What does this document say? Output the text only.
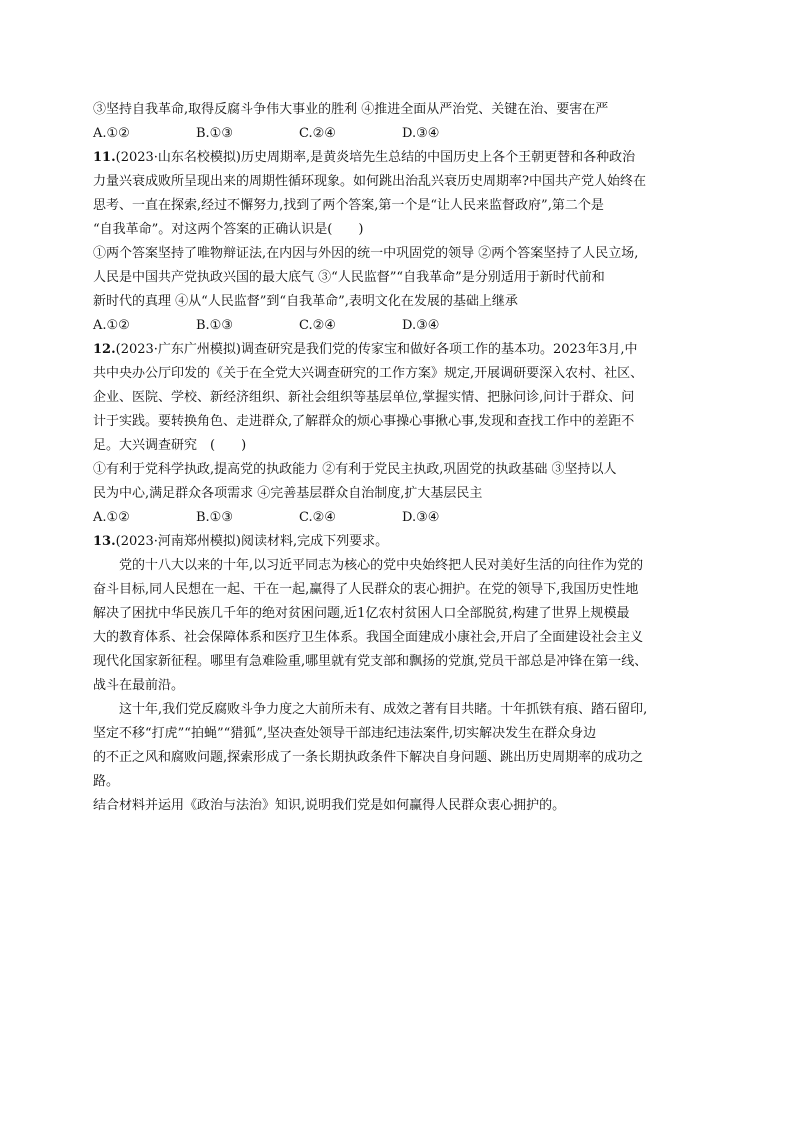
③坚持自我革命,取得反腐斗争伟大事业的胜利 ④推进全面从严治党、关键在治、要害在严

A.①②	B.①③	C.②④	D.③④

11.(2023·山东名校模拟)历史周期率,是黄炎培先生总结的中国历史上各个王朝更替和各种政治

力量兴衰成败所呈现出来的周期性循环现象。如何跳出治乱兴衰历史周期率?中国共产党人始终在

思考、一直在探索,经过不懈努力,找到了两个答案,第一个是“让人民来监督政府”,第二个是

“自我革命”。对这两个答案的正确认识是(　　)

①两个答案坚持了唯物辩证法,在内因与外因的统一中巩固党的领导 ②两个答案坚持了人民立场,

人民是中国共产党执政兴国的最大底气 ③“人民监督”“自我革命”是分别适用于新时代前和

新时代的真理 ④从“人民监督”到“自我革命”,表明文化在发展的基础上继承

A.①②	B.①③	C.②④	D.③④

12.(2023·广东广州模拟)调查研究是我们党的传家宝和做好各项工作的基本功。2023年3月,中

共中央办公厅印发的《关于在全党大兴调查研究的工作方案》规定,开展调研要深入农村、社区、

企业、医院、学校、新经济组织、新社会组织等基层单位,掌握实情、把脉问诊,问计于群众、问

计于实践。要转换角色、走进群众,了解群众的烦心事操心事揪心事,发现和查找工作中的差距不

足。大兴调查研究　(　　)

①有利于党科学执政,提高党的执政能力 ②有利于党民主执政,巩固党的执政基础 ③坚持以人

民为中心,满足群众各项需求 ④完善基层群众自治制度,扩大基层民主

A.①②	B.①③	C.②④	D.③④

13.(2023·河南郑州模拟)阅读材料,完成下列要求。

党的十八大以来的十年,以习近平同志为核心的党中央始终把人民对美好生活的向往作为党的

奋斗目标,同人民想在一起、干在一起,赢得了人民群众的衷心拥护。在党的领导下,我国历史性地

解决了困扰中华民族几千年的绝对贫困问题,近1亿农村贫困人口全部脱贫,构建了世界上规模最

大的教育体系、社会保障体系和医疗卫生体系。我国全面建成小康社会,开启了全面建设社会主义

现代化国家新征程。哪里有急难险重,哪里就有党支部和飘扬的党旗,党员干部总是冲锋在第一线、

战斗在最前沿。

这十年,我们党反腐败斗争力度之大前所未有、成效之著有目共睹。十年抓铁有痕、踏石留印,

坚定不移“打虎”“拍蝇”“猎狐”,坚决查处领导干部违纪违法案件,切实解决发生在群众身边

的不正之风和腐败问题,探索形成了一条长期执政条件下解决自身问题、跳出历史周期率的成功之

路。

结合材料并运用《政治与法治》知识,说明我们党是如何赢得人民群众衷心拥护的。
